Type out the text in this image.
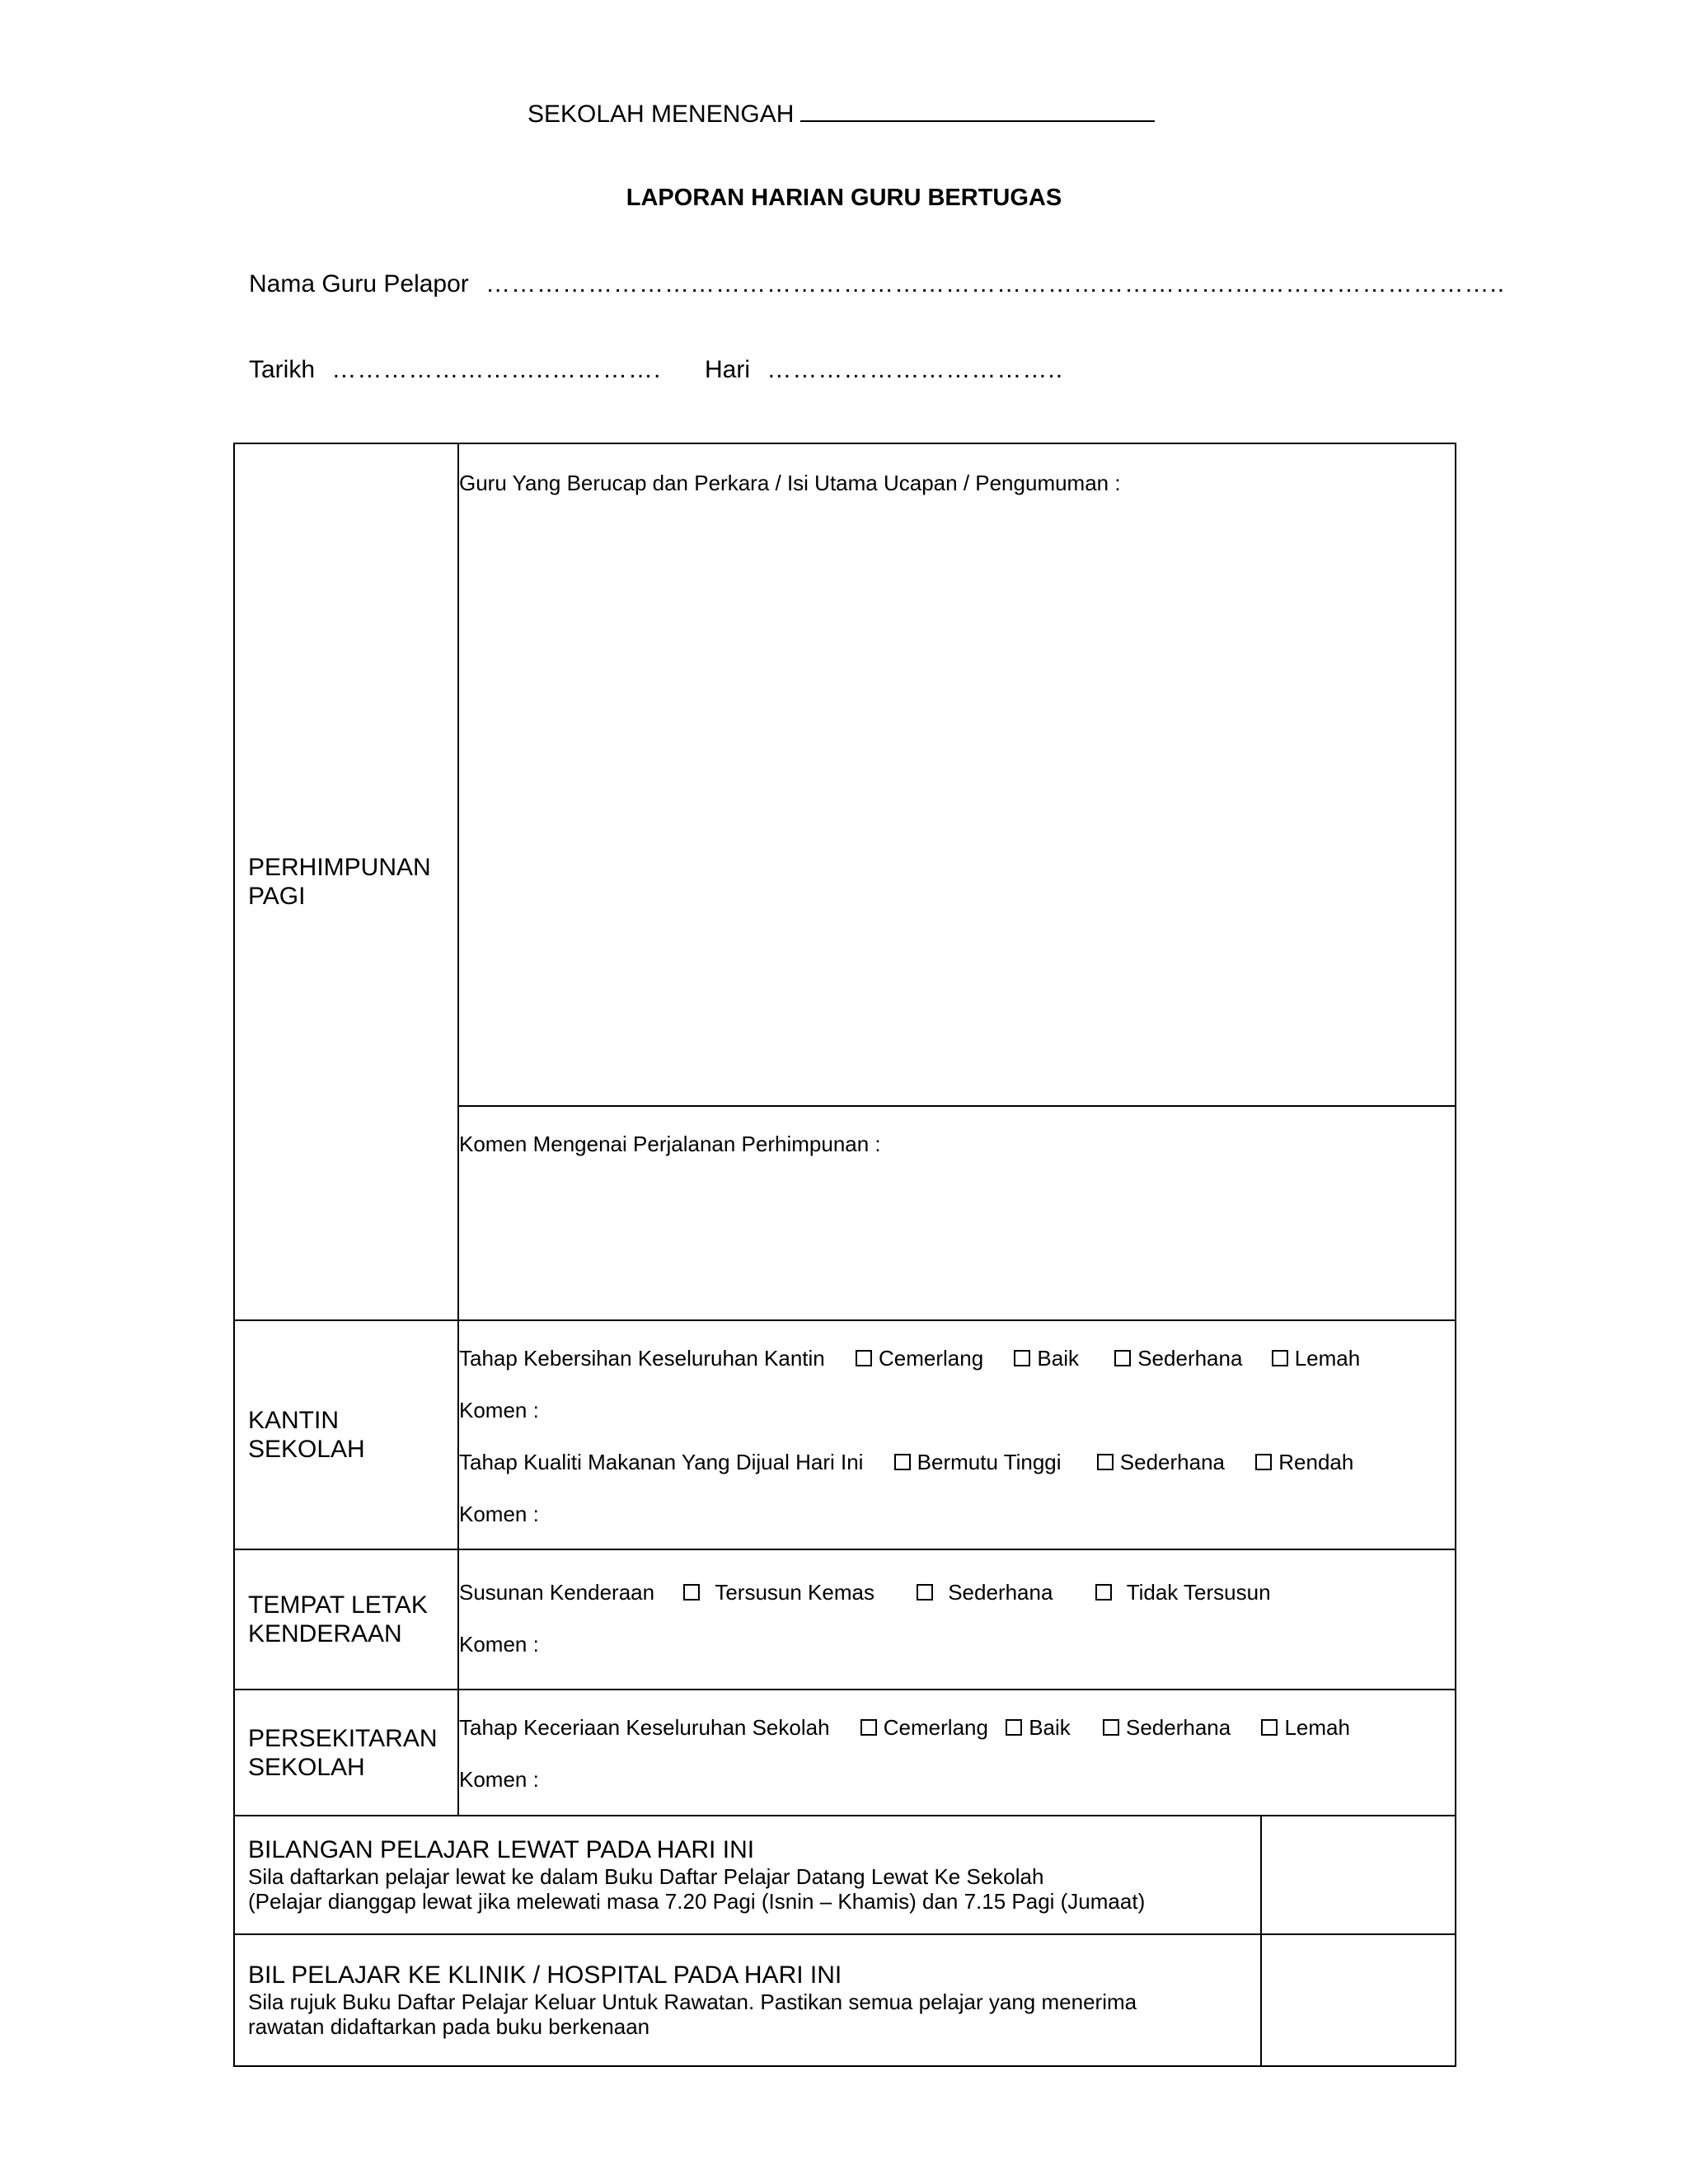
SEKOLAH MENENGAH
LAPORAN HARIAN GURU BERTUGAS
Nama Guru Pelapor …………………………………………………………………………….…………………………..
Tarikh ……………………..…………. Hari ……………………………..
PERHIMPUNAN
PAGI	Guru Yang Berucap dan Perkara / Isi Utama Ucapan / Pengumuman :	

	Komen Mengenai Perjalanan Perhimpunan :	

KANTIN
SEKOLAH	Tahap Kebersihan Keseluruhan Kantin Cemerlang Baik Sederhana Lemah
Komen :
Tahap Kualiti Makanan Yang Dijual Hari Ini Bermutu Tinggi Sederhana Rendah
Komen :	

TEMPAT LETAK
KENDERAAN	Susunan Kenderaan Tersusun Kemas Sederhana Tidak Tersusun
Komen :	

PERSEKITARAN
SEKOLAH	Tahap Keceriaan Keseluruhan Sekolah Cemerlang Baik Sederhana Lemah
Komen :	

BILANGAN PELAJAR LEWAT PADA HARI INI
Sila daftarkan pelajar lewat ke dalam Buku Daftar Pelajar Datang Lewat Ke Sekolah
(Pelajar dianggap lewat jika melewati masa 7.20 Pagi (Isnin – Khamis) dan 7.15 Pagi (Jumaat)		

BIL PELAJAR KE KLINIK / HOSPITAL PADA HARI INI
Sila rujuk Buku Daftar Pelajar Keluar Untuk Rawatan. Pastikan semua pelajar yang menerima
rawatan didaftarkan pada buku berkenaan		
